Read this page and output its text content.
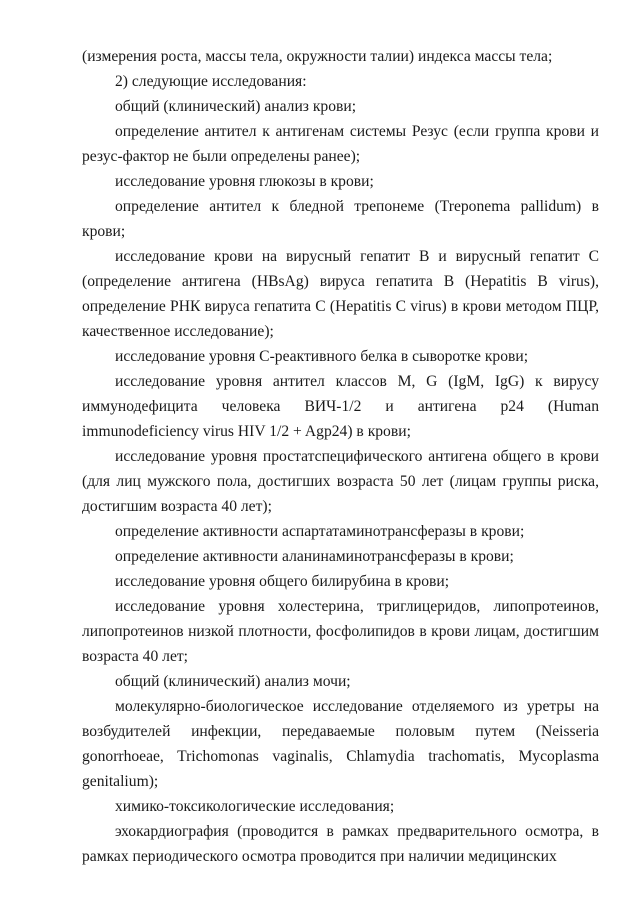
(измерения роста, массы тела, окружности талии) индекса массы тела;

2) следующие исследования:

общий (клинический) анализ крови;

определение антител к антигенам системы Резус (если группа крови и резус-фактор не были определены ранее);

исследование уровня глюкозы в крови;

определение антител к бледной трепонеме (Treponema pallidum) в крови;

исследование крови на вирусный гепатит B и вирусный гепатит C (определение антигена (HBsAg) вируса гепатита B (Hepatitis B virus), определение РНК вируса гепатита C (Hepatitis C virus) в крови методом ПЦР, качественное исследование);

исследование уровня С-реактивного белка в сыворотке крови;

исследование уровня антител классов M, G (IgM, IgG) к вирусу иммунодефицита человека ВИЧ-1/2 и антигена p24 (Human immunodeficiency virus HIV 1/2 + Agp24) в крови;

исследование уровня простатспецифического антигена общего в крови (для лиц мужского пола, достигших возраста 50 лет (лицам группы риска, достигшим возраста 40 лет);

определение активности аспартатаминотрансферазы в крови;

определение активности аланинаминотрансферазы в крови;

исследование уровня общего билирубина в крови;

исследование уровня холестерина, триглицеридов, липопротеинов, липопротеинов низкой плотности, фосфолипидов в крови лицам, достигшим возраста 40 лет;

общий (клинический) анализ мочи;

молекулярно-биологическое исследование отделяемого из уретры на возбудителей инфекции, передаваемые половым путем (Neisseria gonorrhoeae, Trichomonas vaginalis, Chlamydia trachomatis, Mycoplasma genitalium);

химико-токсикологические исследования;

эхокардиография (проводится в рамках предварительного осмотра, в рамках периодического осмотра проводится при наличии медицинских
